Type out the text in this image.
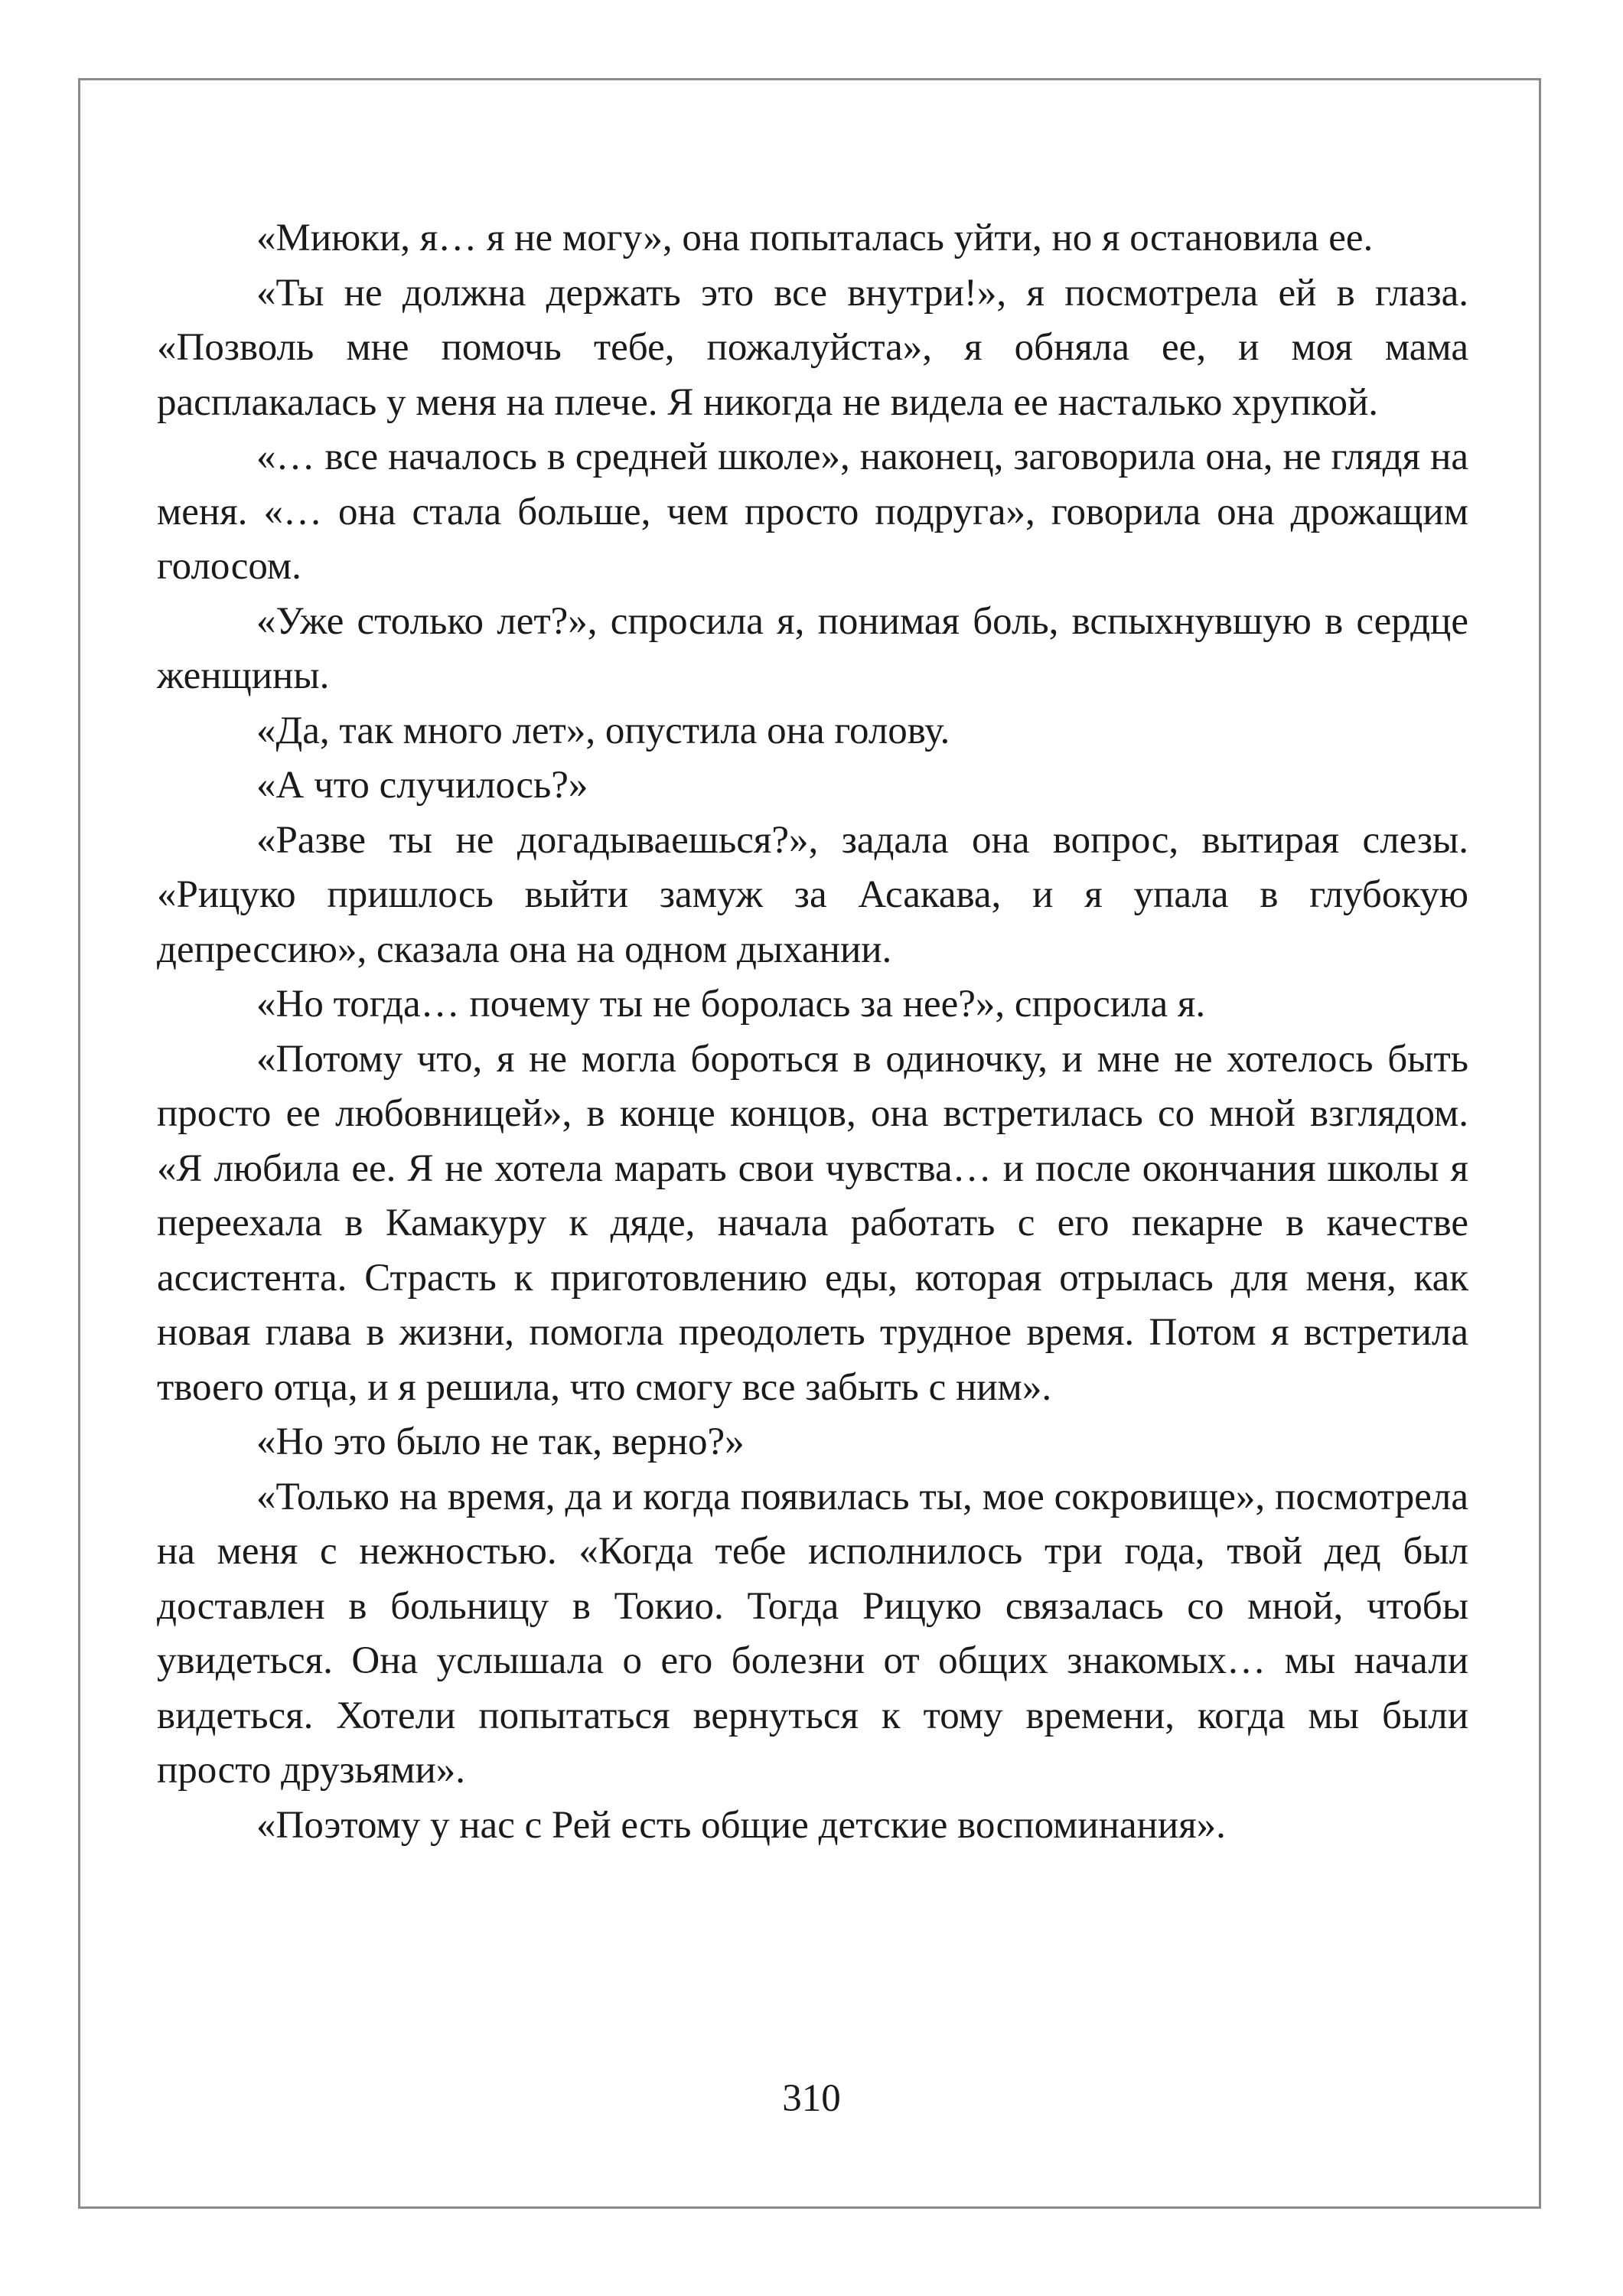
«Миюки, я… я не могу», она попыталась уйти, но я остановила ее.

«Ты не должна держать это все внутри!», я посмотрела ей в глаза. «Позволь мне помочь тебе, пожалуйста», я обняла ее, и моя мама расплакалась у меня на плече. Я никогда не видела ее насталько хрупкой.

«… все началось в средней школе», наконец, заговорила она, не глядя на меня. «… она стала больше, чем просто подруга», говорила она дрожащим голосом.

«Уже столько лет?», спросила я, понимая боль, вспыхнувшую в сердце женщины.

«Да, так много лет», опустила она голову.

«А что случилось?»

«Разве ты не догадываешься?», задала она вопрос, вытирая слезы. «Рицуко пришлось выйти замуж за Асакава, и я упала в глубокую депрессию», сказала она на одном дыхании.

«Но тогда… почему ты не боролась за нее?», спросила я.

«Потому что, я не могла бороться в одиночку, и мне не хотелось быть просто ее любовницей», в конце концов, она встретилась со мной взглядом. «Я любила ее. Я не хотела марать свои чувства… и после окончания школы я переехала в Камакуру к дяде, начала работать с его пекарне в качестве ассистента. Страсть к приготовлению еды, которая отрылась для меня, как новая глава в жизни, помогла преодолеть трудное время. Потом я встретила твоего отца, и я решила, что смогу все забыть с ним».

«Но это было не так, верно?»

«Только на время, да и когда появилась ты, мое сокровище», посмотрела на меня с нежностью. «Когда тебе исполнилось три года, твой дед был доставлен в больницу в Токио. Тогда Рицуко связалась со мной, чтобы увидеться. Она услышала о его болезни от общих знакомых… мы начали видеться. Хотели попытаться вернуться к тому времени, когда мы были просто друзьями».

«Поэтому у нас с Рей есть общие детские воспоминания».

310
